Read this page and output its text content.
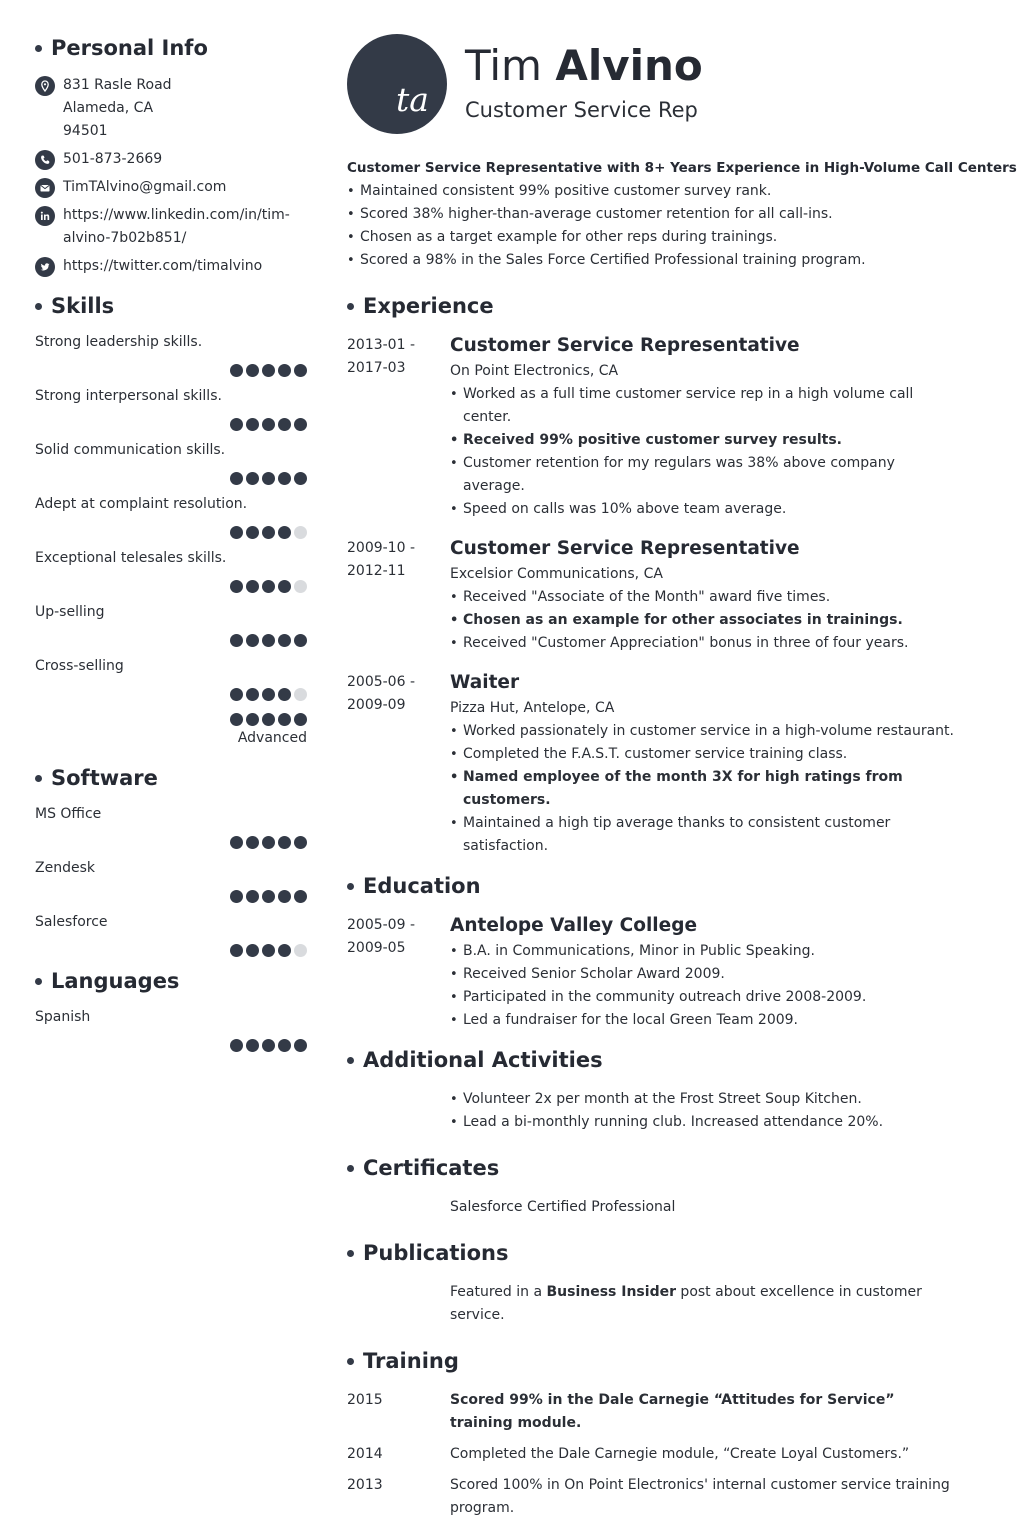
Personal Info
831 Rasle Road
Alameda, CA
94501
501-873-2669
TimTAlvino@gmail.com
https://www.linkedin.com/in/tim-alvino-7b02b851/
https://twitter.com/timalvino
Skills
Strong leadership skills.
Strong interpersonal skills.
Solid communication skills.
Adept at complaint resolution.
Exceptional telesales skills.
Up-selling
Cross-selling
Advanced
Software
MS Office
Zendesk
Salesforce
Languages
Spanish
ta
Tim Alvino
Customer Service Rep
Customer Service Representative with 8+ Years Experience in High-Volume Call Centers
• Maintained consistent 99% positive customer survey rank.
• Scored 38% higher-than-average customer retention for all call-ins.
• Chosen as a target example for other reps during trainings.
• Scored a 98% in the Sales Force Certified Professional training program.
Experience
2013-01 -
2017-03
Customer Service Representative
On Point Electronics, CA
• Worked as a full time customer service rep in a high volume call center.
• Received 99% positive customer survey results.
• Customer retention for my regulars was 38% above company average.
• Speed on calls was 10% above team average.
2009-10 -
2012-11
Customer Service Representative
Excelsior Communications, CA
• Received "Associate of the Month" award five times.
• Chosen as an example for other associates in trainings.
• Received "Customer Appreciation" bonus in three of four years.
2005-06 -
2009-09
Waiter
Pizza Hut, Antelope, CA
• Worked passionately in customer service in a high-volume restaurant.
• Completed the F.A.S.T. customer service training class.
• Named employee of the month 3X for high ratings from customers.
• Maintained a high tip average thanks to consistent customer satisfaction.
Education
2005-09 -
2009-05
Antelope Valley College
• B.A. in Communications, Minor in Public Speaking.
• Received Senior Scholar Award 2009.
• Participated in the community outreach drive 2008-2009.
• Led a fundraiser for the local Green Team 2009.
Additional Activities
• Volunteer 2x per month at the Frost Street Soup Kitchen.
• Lead a bi-monthly running club. Increased attendance 20%.
Certificates
Salesforce Certified Professional
Publications
Featured in a Business Insider post about excellence in customer service.
Training
2015	Scored 99% in the Dale Carnegie “Attitudes for Service” training module.
2014	Completed the Dale Carnegie module, “Create Loyal Customers.”
2013	Scored 100% in On Point Electronics' internal customer service training program.
